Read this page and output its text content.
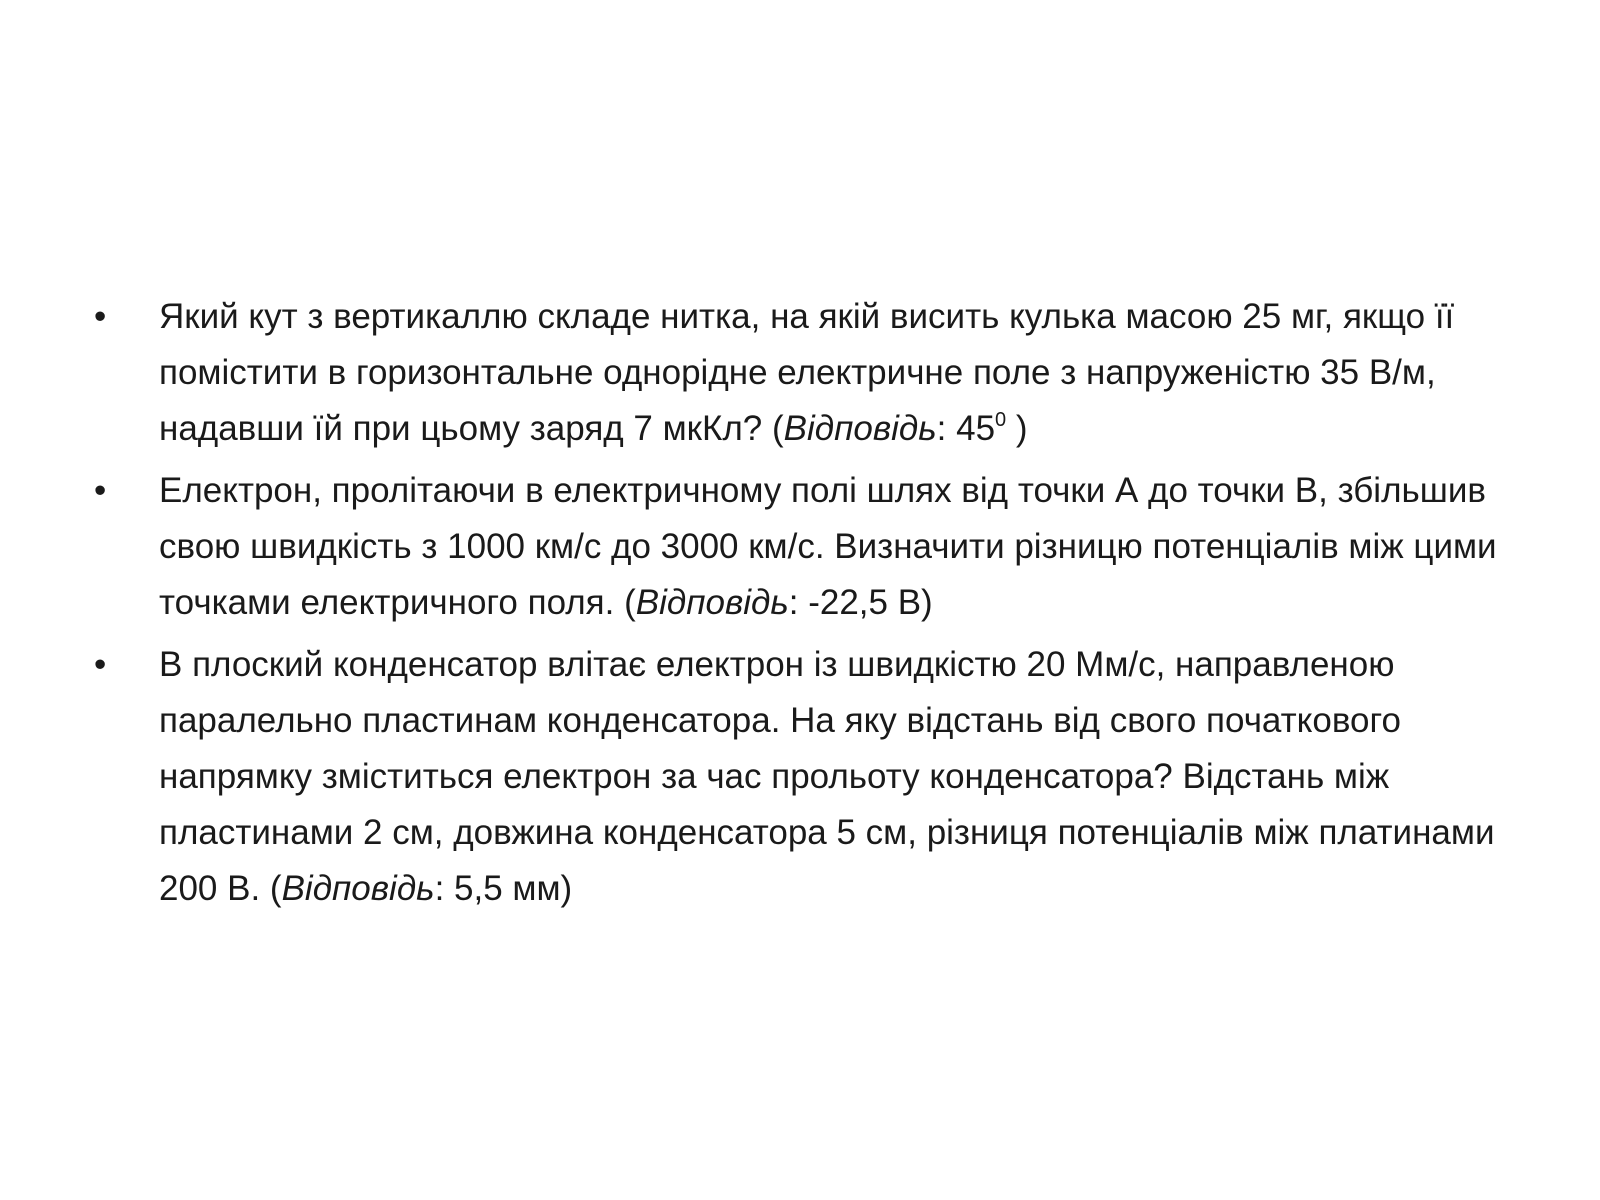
• Який кут з вертикаллю складе нитка, на якій висить кулька масою 25 мг, якщо її помістити в горизонтальне однорідне електричне поле з напруженістю 35 В/м, надавши їй при цьому заряд 7 мкКл? (Відповідь: $45^0$ )
• Електрон, пролітаючи в електричному полі шлях від точки А до точки В, збільшив свою швидкість з 1000 км/с до 3000 км/с. Визначити різницю потенціалів між цими точками електричного поля. (Відповідь: -22,5 В)
• В плоский конденсатор влітає електрон із швидкістю 20 Мм/с, направленою паралельно пластинам конденсатора. На яку відстань від свого початкового напрямку зміститься електрон за час прольоту конденсатора? Відстань між пластинами 2 см, довжина конденсатора 5 см, різниця потенціалів між платинами 200 В. (Відповідь: 5,5 мм)
